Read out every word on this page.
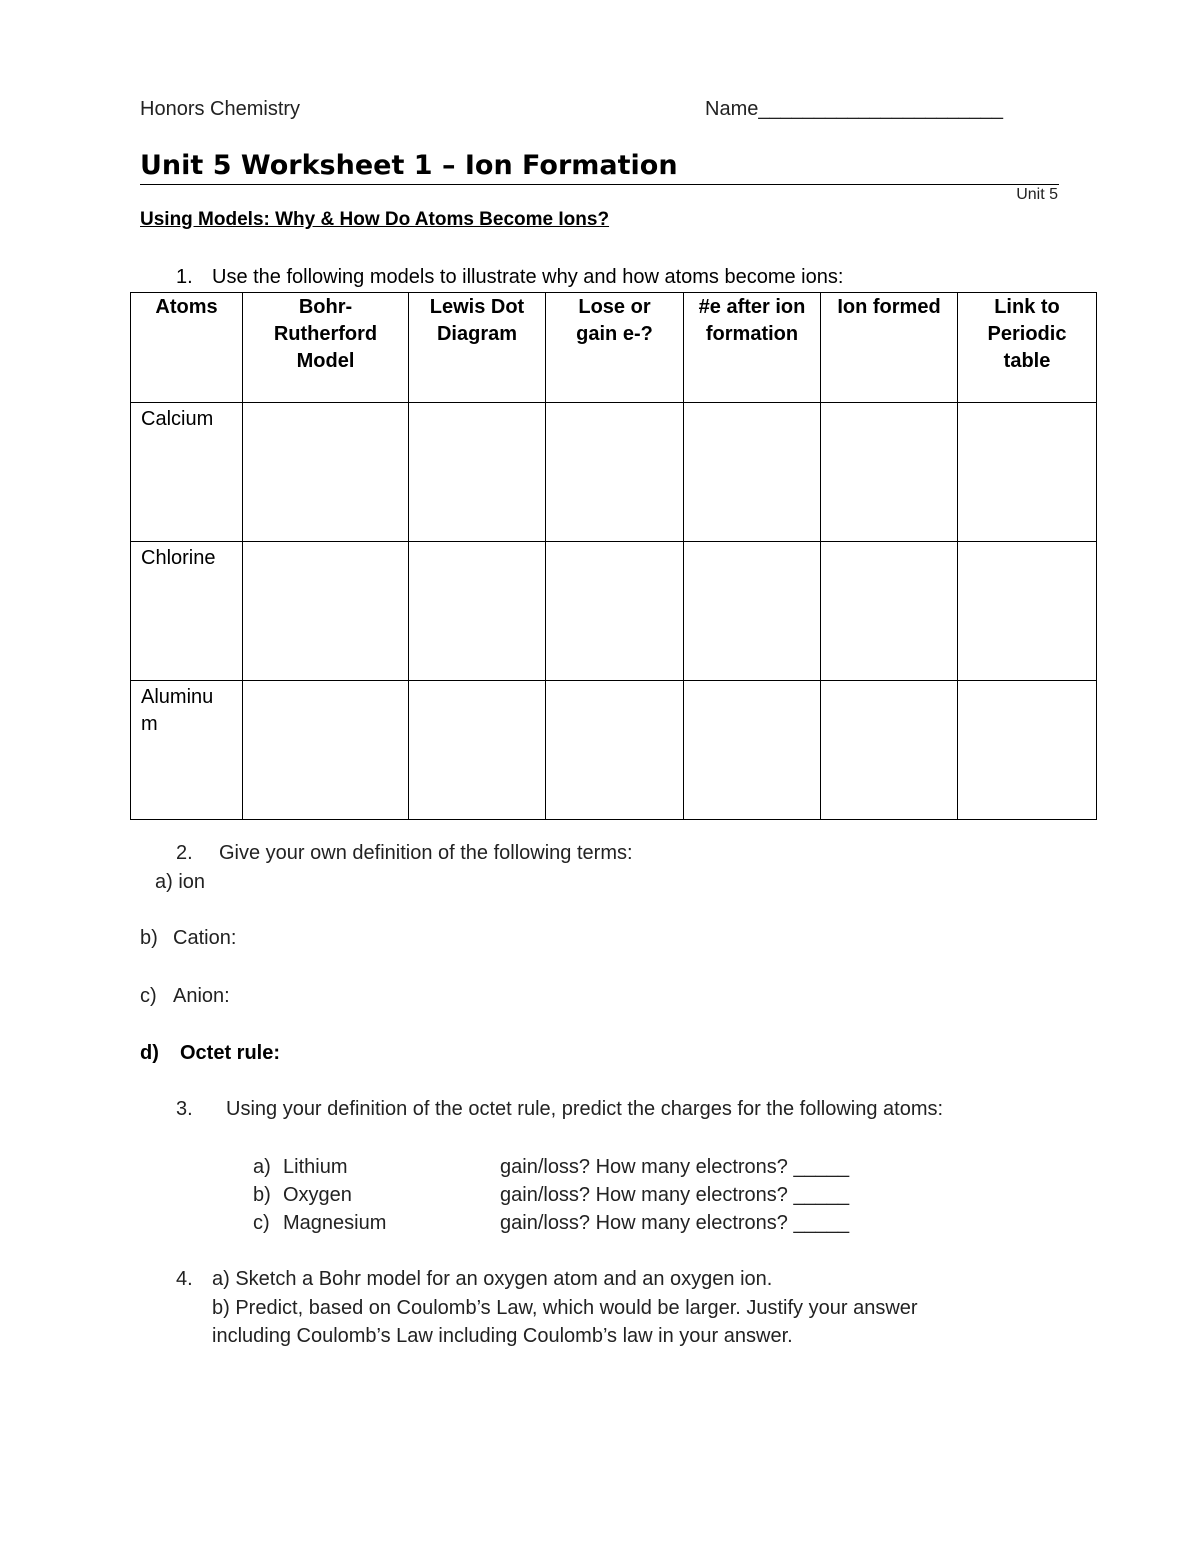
Honors Chemistry	Name______________________
Unit 5 Worksheet 1 – Ion Formation
Unit 5
Using Models: Why & How Do Atoms Become Ions?
1. Use the following models to illustrate why and how atoms become ions:
Atoms	Bohr-Rutherford Model	Lewis Dot Diagram	Lose or gain e-?	#e after ion formation	Ion formed	Link to Periodic table

Calcium						
Chlorine						

Aluminum						

2. Give your own definition of the following terms:
a) ion
b) Cation:
c) Anion:
d) Octet rule:
3. Using your definition of the octet rule, predict the charges for the following atoms:
a) Lithium	gain/loss? How many electrons? _____
b) Oxygen	gain/loss? How many electrons? _____
c) Magnesium	gain/loss? How many electrons? _____
4. a) Sketch a Bohr model for an oxygen atom and an oxygen ion.
b) Predict, based on Coulomb’s Law, which would be larger. Justify your answer
including Coulomb’s Law including Coulomb’s law in your answer.
